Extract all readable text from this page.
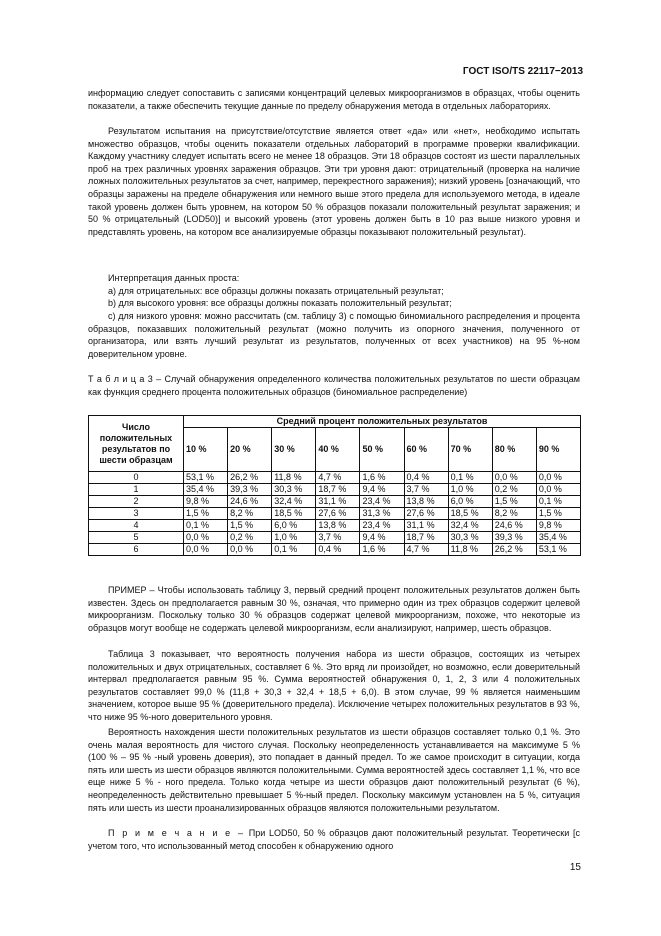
ГОСТ ISO/TS 22117−2013

информацию следует сопоставить с записями концентраций целевых микроорганизмов в образцах, чтобы оценить показатели, а также обеспечить текущие данные по пределу обнаружения метода в отдельных лабораториях.

Результатом испытания на присутствие/отсутствие является ответ «да» или «нет», необходимо испытать множество образцов, чтобы оценить показатели отдельных лабораторий в программе проверки квалификации. Каждому участнику следует испытать всего не менее 18 образцов. Эти 18 образцов состоят из шести параллельных проб на трех различных уровнях заражения образцов. Эти три уровня дают: отрицательный (проверка на наличие ложных положительных результатов за счет, например, перекрестного заражения); низкий уровень [означающий, что образцы заражены на пределе обнаружения или немного выше этого предела для используемого метода, в идеале такой уровень должен быть уровнем, на котором 50 % образцов показали положительный результат заражения; и 50 % отрицательный (LOD50)] и высокий уровень (этот уровень должен быть в 10 раз выше низкого уровня и представлять уровень, на котором все анализируемые образцы показывают положительный результат).

Интерпретация данных проста:

а) для отрицательных: все образцы должны показать отрицательный результат;

b) для высокого уровня: все образцы должны показать положительный результат;

с) для низкого уровня: можно рассчитать (см. таблицу 3) с помощью биномиального распределения и процента образцов, показавших положительный результат (можно получить из опорного значения, полученного от организатора, или взять лучший результат из результатов, полученных от всех участников) на 95 %-ном доверительном уровне.

Т а б л и ц а 3 – Случай обнаружения определенного количества положительных результатов по шести образцам как функция среднего процента положительных образцов (биномиальное распределение)

Число положительных результатов по шести образцам	Средний процент положительных результатов								
	10 %	20 %	30 %	40 %	50 %	60 %	70 %	80 %	90 %
0	53,1 %	26,2 %	11,8 %	4,7 %	1,6 %	0,4 %	0,1 %	0,0 %	0,0 %
1	35,4 %	39,3 %	30,3 %	18,7 %	9,4 %	3,7 %	1,0 %	0,2 %	0,0 %
2	9,8 %	24,6 %	32,4 %	31,1 %	23,4 %	13,8 %	6,0 %	1,5 %	0,1 %
3	1,5 %	8,2 %	18,5 %	27,6 %	31,3 %	27,6 %	18,5 %	8,2 %	1,5 %
4	0,1 %	1,5 %	6,0 %	13,8 %	23,4 %	31,1 %	32,4 %	24,6 %	9,8 %
5	0,0 %	0,2 %	1,0 %	3,7 %	9,4 %	18,7 %	30,3 %	39,3 %	35,4 %
6	0,0 %	0,0 %	0,1 %	0,4 %	1,6 %	4,7 %	11,8 %	26,2 %	53,1 %

ПРИМЕР – Чтобы использовать таблицу 3, первый средний процент положительных результатов должен быть известен. Здесь он предполагается равным 30 %, означая, что примерно один из трех образцов содержит целевой микроорганизм. Поскольку только 30 % образцов содержат целевой микроорганизм, похоже, что некоторые из образцов могут вообще не содержать целевой микроорганизм, если анализируют, например, шесть образцов.

Таблица 3 показывает, что вероятность получения набора из шести образцов, состоящих из четырех положительных и двух отрицательных, составляет 6 %. Это вряд ли произойдет, но возможно, если доверительный интервал предполагается равным 95 %. Сумма вероятностей обнаружения 0, 1, 2, 3 или 4 положительных результатов составляет 99,0 % (11,8 + 30,3 + 32,4 + 18,5 + 6,0). В этом случае, 99 % является наименьшим значением, которое выше 95 % (доверительного предела). Исключение четырех положительных результатов в 93 %, что ниже 95 %-ного доверительного уровня.

Вероятность нахождения шести положительных результатов из шести образцов составляет только 0,1 %. Это очень малая вероятность для чистого случая. Поскольку неопределенность устанавливается на максимуме 5 % (100 % – 95 % -ный уровень доверия), это попадает в данный предел. То же самое происходит в ситуации, когда пять или шесть из шести образцов являются положительными. Сумма вероятностей здесь составляет 1,1 %, что все еще ниже 5 % - ного предела. Только когда четыре из шести образцов дают положительный результат (6 %), неопределенность действительно превышает 5 %-ный предел. Поскольку максимум установлен на 5 %, ситуация пять или шесть из шести проанализированных образцов являются положительными результатом.

П р и м е ч а н и е – При LOD50, 50 % образцов дают положительный результат. Теоретически [с учетом того, что использованный метод способен к обнаружению одного

15
